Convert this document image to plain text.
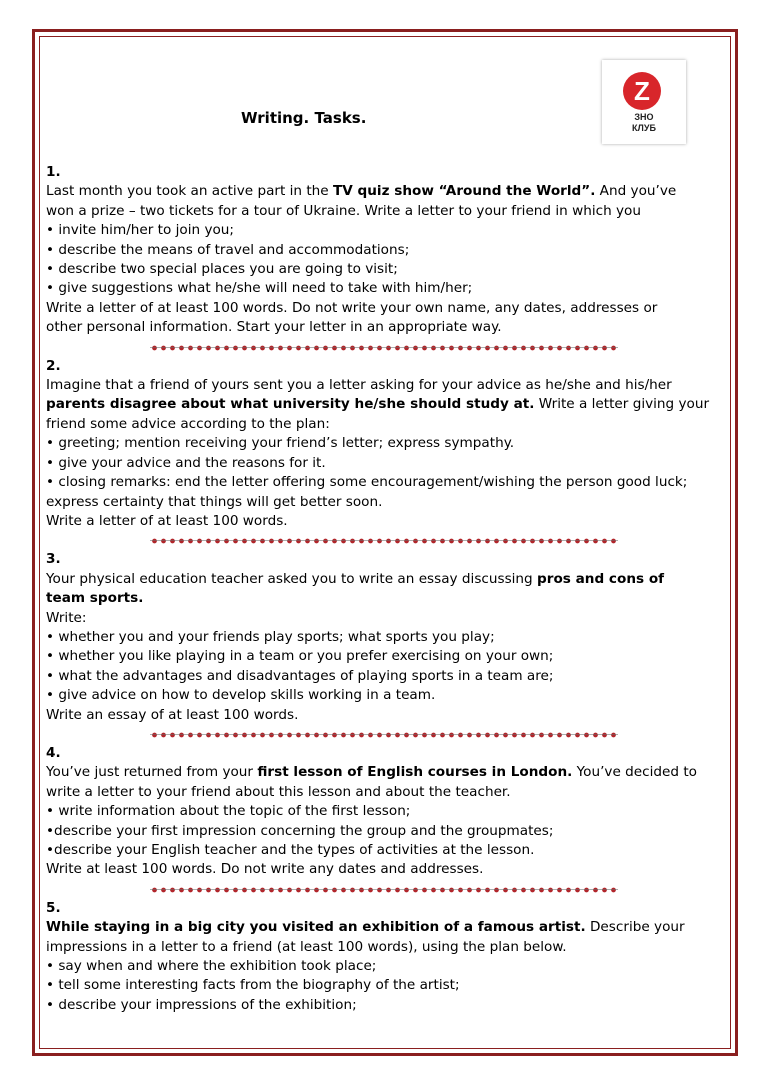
Z
ЗНО
КЛУБ
Writing. Tasks.
1.
Last month you took an active part in the TV quiz show “Around the World”. And you’ve
won a prize – two tickets for a tour of Ukraine. Write a letter to your friend in which you
• invite him/her to join you;
• describe the means of travel and accommodations;
• describe two special places you are going to visit;
• give suggestions what he/she will need to take with him/her;
Write a letter of at least 100 words. Do not write your own name, any dates, addresses or
other personal information. Start your letter in an appropriate way.
2.
Imagine that a friend of yours sent you a letter asking for your advice as he/she and his/her
parents disagree about what university he/she should study at. Write a letter giving your
friend some advice according to the plan:
• greeting; mention receiving your friend’s letter; express sympathy.
• give your advice and the reasons for it.
• closing remarks: end the letter offering some encouragement/wishing the person good luck;
express certainty that things will get better soon.
Write a letter of at least 100 words.
3.
Your physical education teacher asked you to write an essay discussing pros and cons of
team sports.
Write:
• whether you and your friends play sports; what sports you play;
• whether you like playing in a team or you prefer exercising on your own;
• what the advantages and disadvantages of playing sports in a team are;
• give advice on how to develop skills working in a team.
Write an essay of at least 100 words.
4.
You’ve just returned from your first lesson of English courses in London. You’ve decided to
write a letter to your friend about this lesson and about the teacher.
• write information about the topic of the first lesson;
•describe your first impression concerning the group and the groupmates;
•describe your English teacher and the types of activities at the lesson.
Write at least 100 words. Do not write any dates and addresses.
5.
While staying in a big city you visited an exhibition of a famous artist. Describe your
impressions in a letter to a friend (at least 100 words), using the plan below.
• say when and where the exhibition took place;
• tell some interesting facts from the biography of the artist;
• describe your impressions of the exhibition;
